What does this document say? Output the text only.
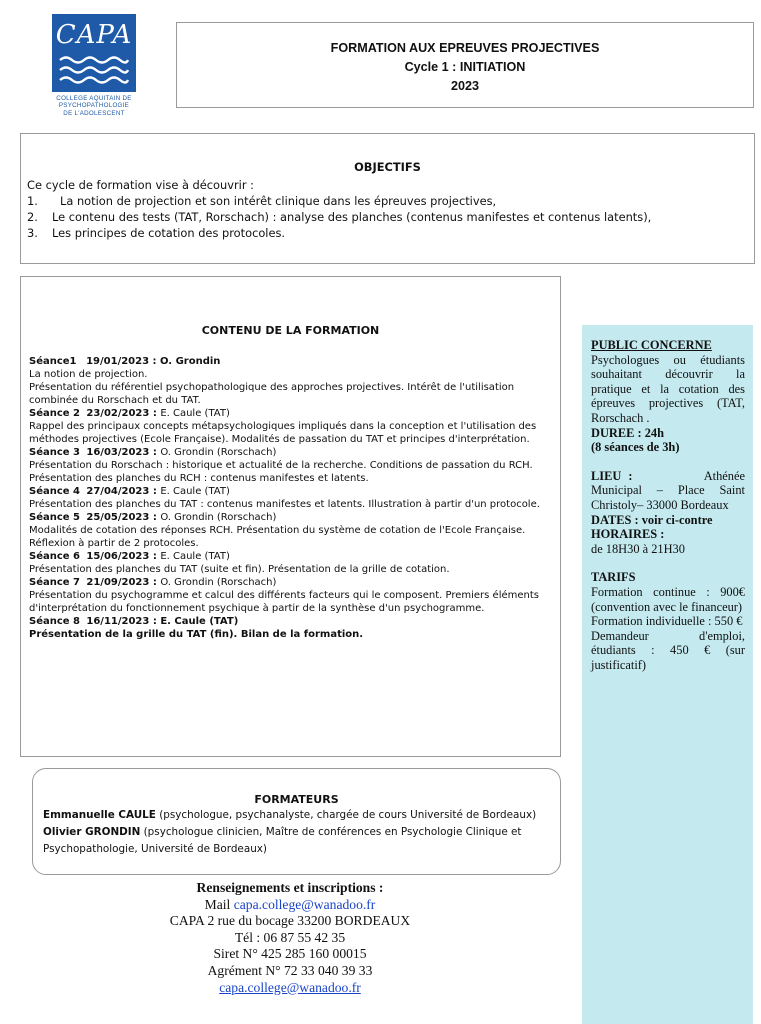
CAPA
COLLEGE AQUITAIN DE
PSYCHOPATHOLOGIE
DE L'ADOLESCENT
FORMATION AUX EPREUVES PROJECTIVES
Cycle 1 : INITIATION
2023
OBJECTIFS
Ce cycle de formation vise à découvrir :
1. La notion de projection et son intérêt clinique dans les épreuves projectives,
2. Le contenu des tests (TAT, Rorschach) : analyse des planches (contenus manifestes et contenus latents),
3. Les principes de cotation des protocoles.
CONTENU DE LA FORMATION
Séance1 19/01/2023 : O. Grondin
La notion de projection.
Présentation du référentiel psychopathologique des approches projectives. Intérêt de l'utilisation combinée du Rorschach et du TAT.
Séance 2 23/02/2023 : E. Caule (TAT)
Rappel des principaux concepts métapsychologiques impliqués dans la conception et l'utilisation des méthodes projectives (Ecole Française). Modalités de passation du TAT et principes d'interprétation.
Séance 3 16/03/2023 : O. Grondin (Rorschach)
Présentation du Rorschach : historique et actualité de la recherche. Conditions de passation du RCH. Présentation des planches du RCH : contenus manifestes et latents.
Séance 4 27/04/2023 : E. Caule (TAT)
Présentation des planches du TAT : contenus manifestes et latents. Illustration à partir d'un protocole.
Séance 5 25/05/2023 : O. Grondin (Rorschach)
Modalités de cotation des réponses RCH. Présentation du système de cotation de l'Ecole Française. Réflexion à partir de 2 protocoles.
Séance 6 15/06/2023 : E. Caule (TAT)
Présentation des planches du TAT (suite et fin). Présentation de la grille de cotation.
Séance 7 21/09/2023 : O. Grondin (Rorschach)
Présentation du psychogramme et calcul des différents facteurs qui le composent. Premiers éléments d'interprétation du fonctionnement psychique à partir de la synthèse d'un psychogramme.
Séance 8 16/11/2023 : E. Caule (TAT)
Présentation de la grille du TAT (fin). Bilan de la formation.
PUBLIC CONCERNE
Psychologues ou étudiants souhaitant découvrir la pratique et la cotation des épreuves projectives (TAT, Rorschach .
DUREE : 24h
(8 séances de 3h)
LIEU :	Athénée Municipal – Place Saint Christoly– 33000 Bordeaux
DATES : voir ci-contre
HORAIRES :
de 18H30 à 21H30
TARIFS
Formation continue : 900€ (convention avec le financeur)
Formation individuelle : 550 €
Demandeur d'emploi, étudiants : 450 € (sur justificatif)
FORMATEURS
Emmanuelle CAULE (psychologue, psychanalyste, chargée de cours Université de Bordeaux)
Olivier GRONDIN (psychologue clinicien, Maître de conférences en Psychologie Clinique et Psychopathologie, Université de Bordeaux)
Renseignements et inscriptions :
Mail capa.college@wanadoo.fr
CAPA 2 rue du bocage 33200 BORDEAUX
Tél : 06 87 55 42 35
Siret N° 425 285 160 00015
Agrément N° 72 33 040 39 33
capa.college@wanadoo.fr
